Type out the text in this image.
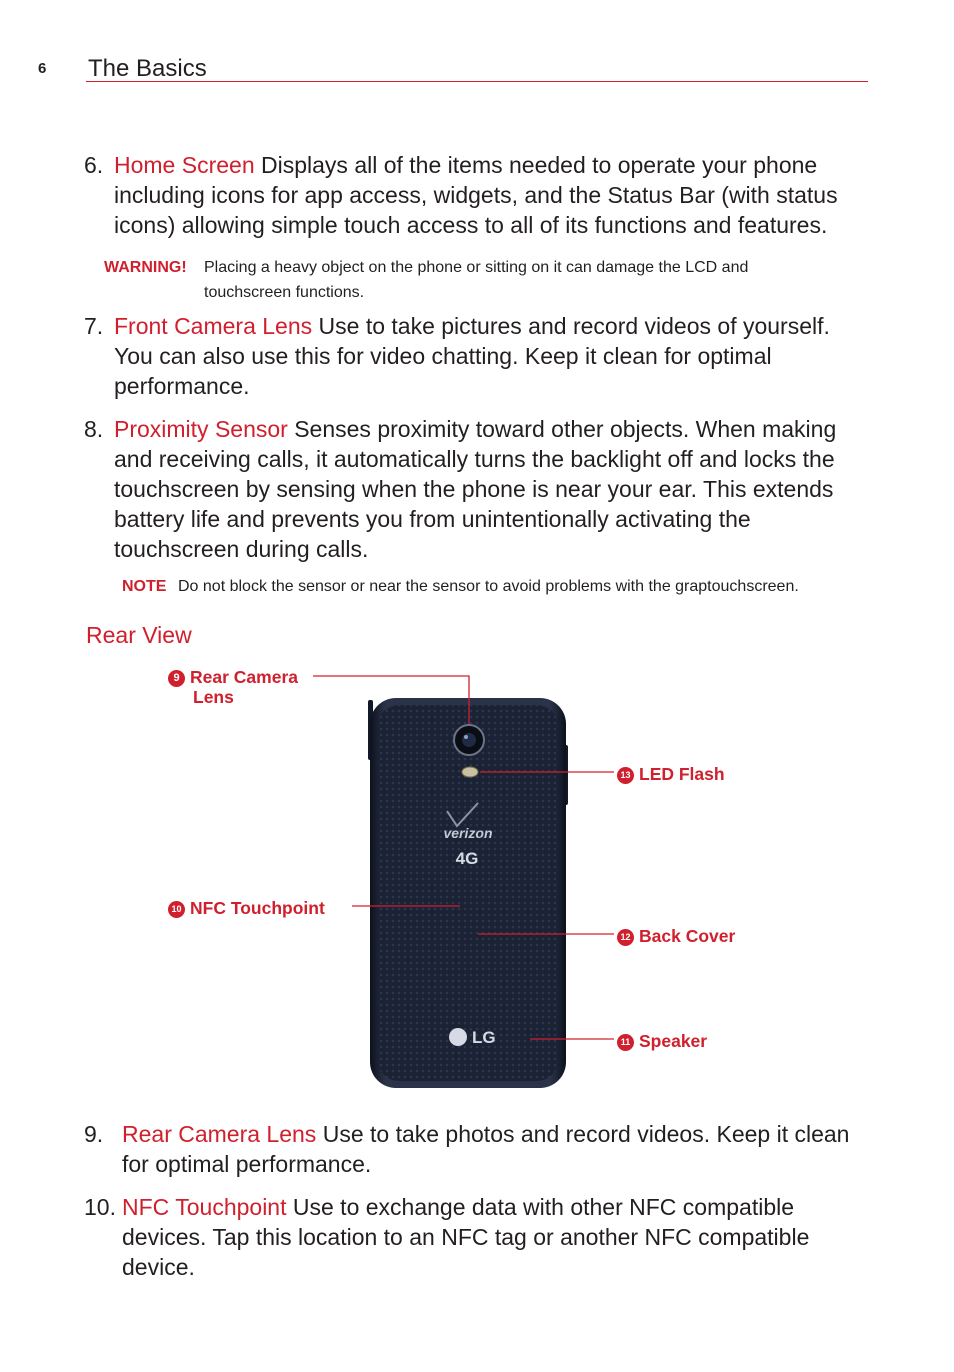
6 The Basics
6. Home Screen Displays all of the items needed to operate your phone including icons for app access, widgets, and the Status Bar (with status icons) allowing simple touch access to all of its functions and features.
WARNING! Placing a heavy object on the phone or sitting on it can damage the LCD and touchscreen functions.
7. Front Camera Lens Use to take pictures and record videos of yourself. You can also use this for video chatting. Keep it clean for optimal performance.
8. Proximity Sensor Senses proximity toward other objects. When making and receiving calls, it automatically turns the backlight off and locks the touchscreen by sensing when the phone is near your ear. This extends battery life and prevents you from unintentionally activating the touchscreen during calls.
NOTE Do not block the sensor or near the sensor to avoid problems with the graptouchscreen.
Rear View
verizon
4G
LG
9 Rear Camera
Lens
13 LED Flash
10 NFC Touchpoint
12 Back Cover
11 Speaker
9. Rear Camera Lens Use to take photos and record videos. Keep it clean for optimal performance.
10. NFC Touchpoint Use to exchange data with other NFC compatible devices. Tap this location to an NFC tag or another NFC compatible device.
